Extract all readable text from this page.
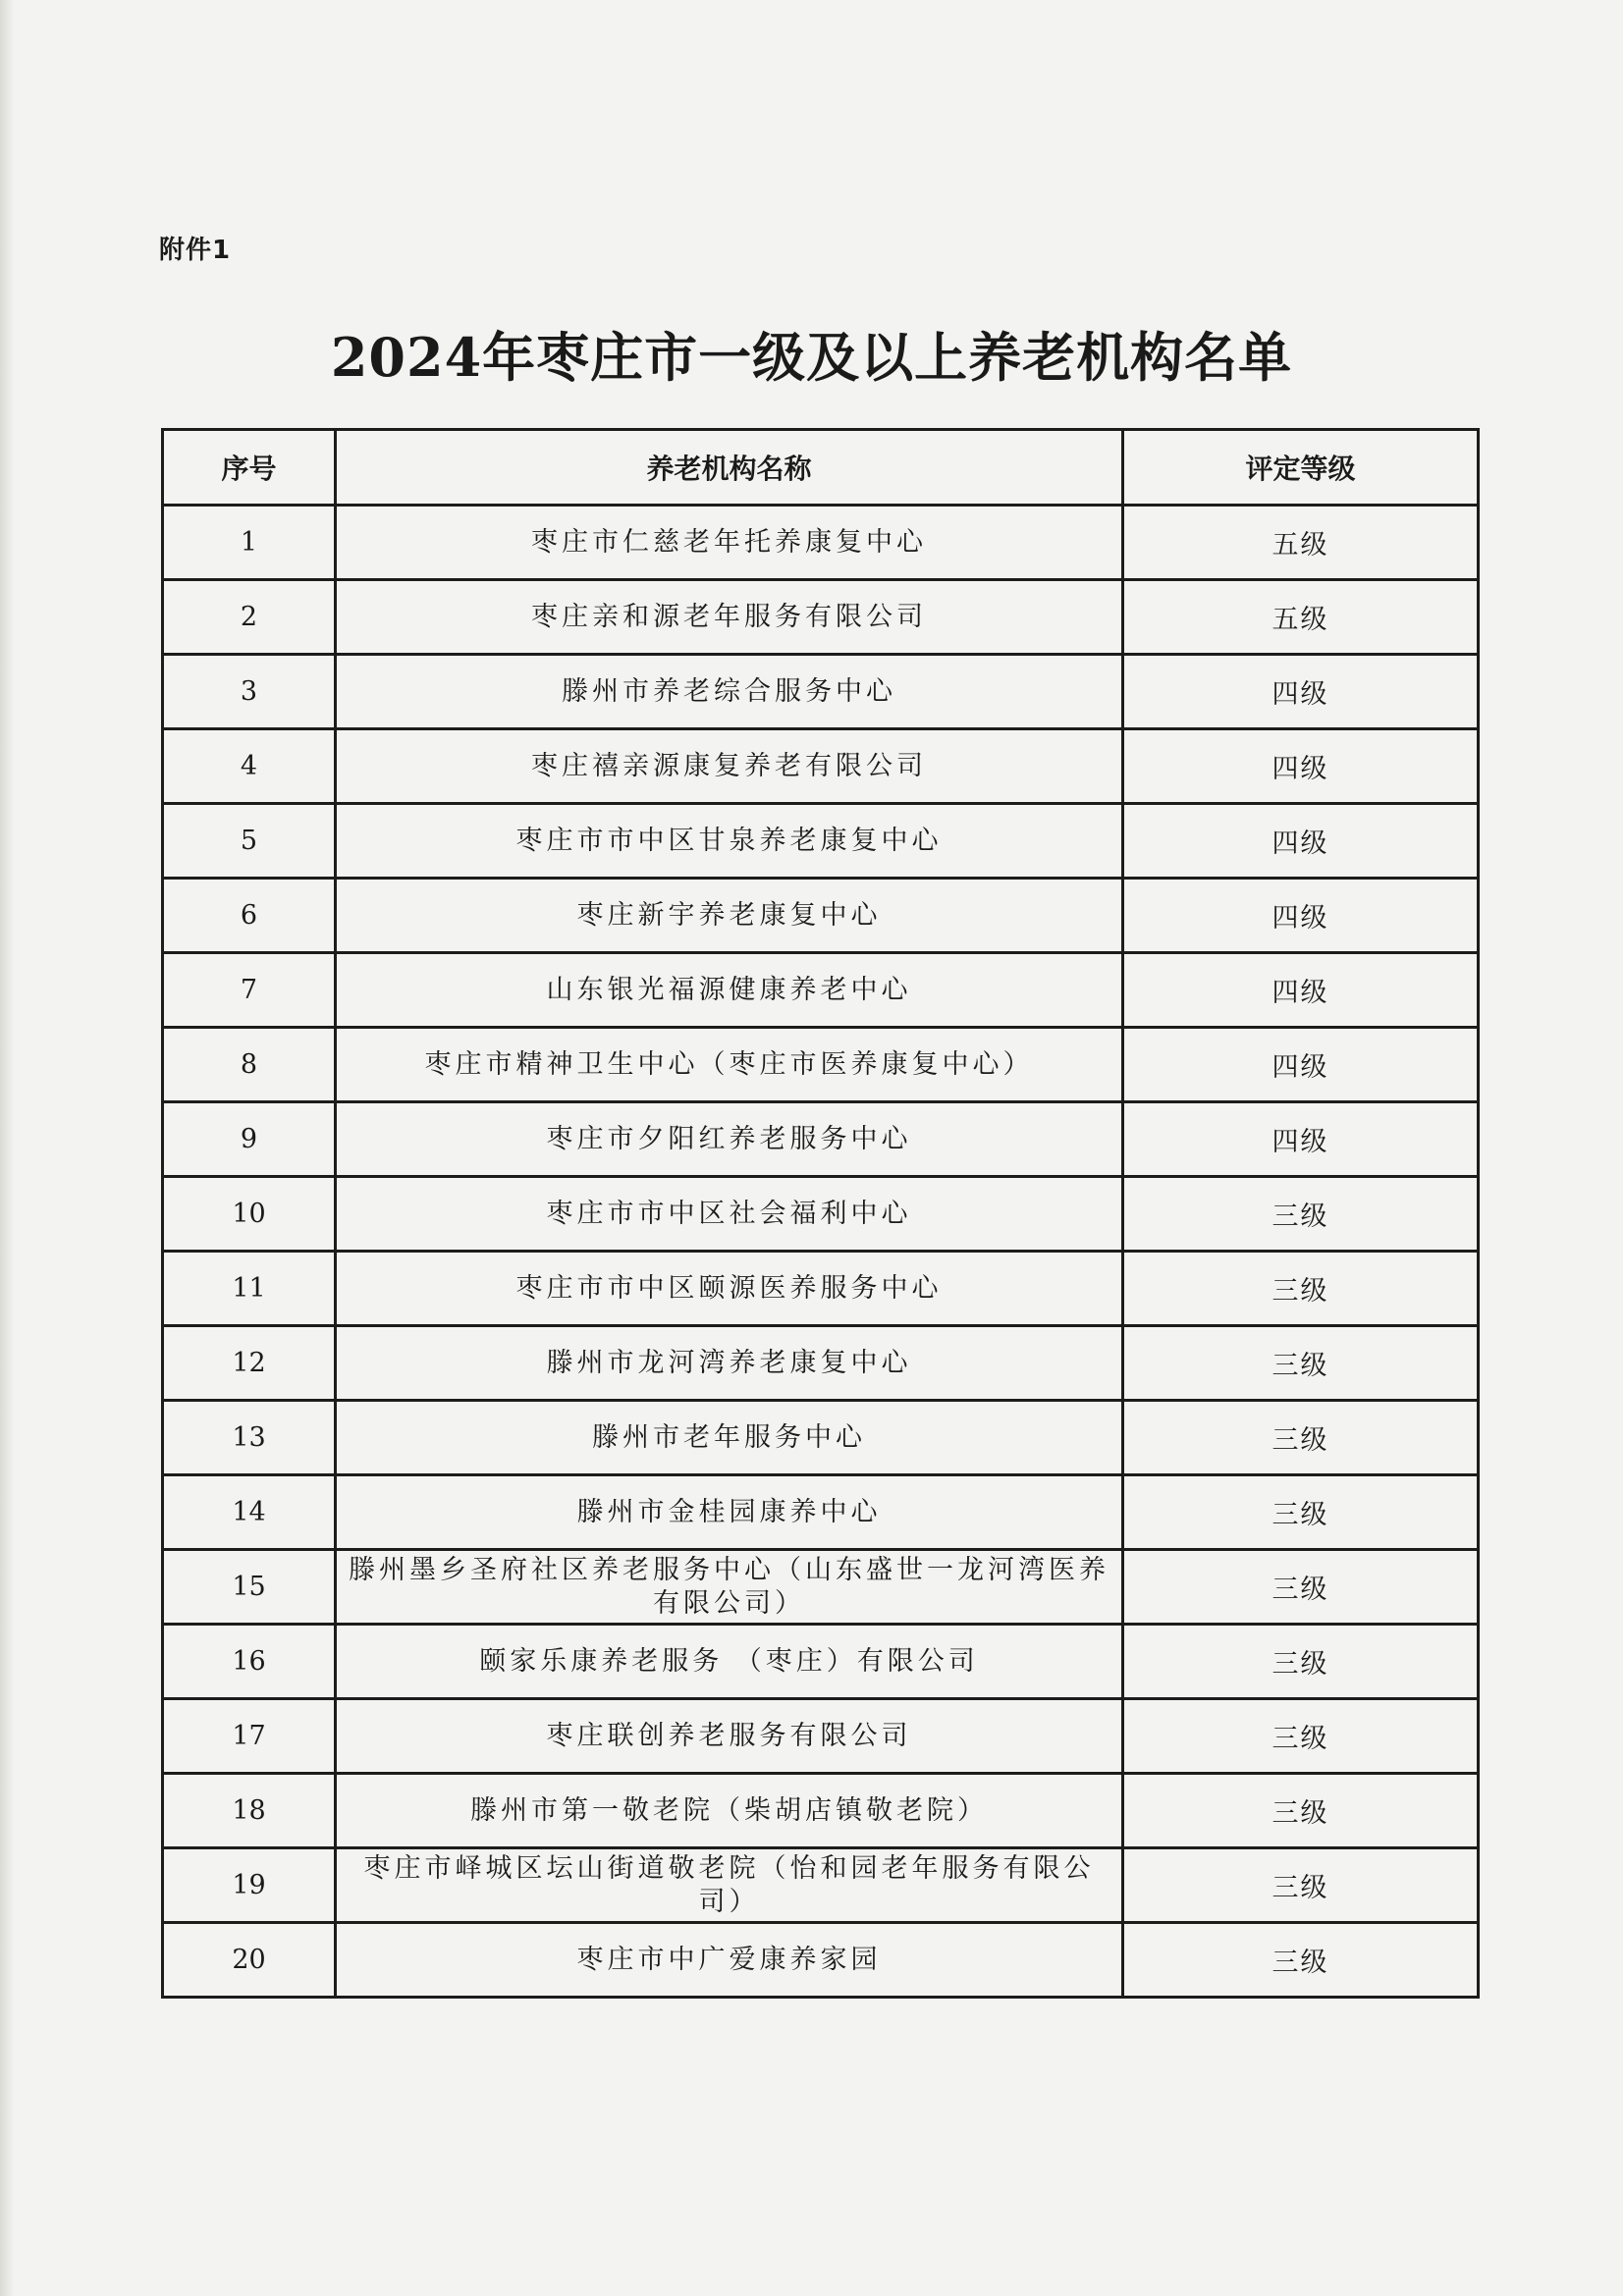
附件1
2024年枣庄市一级及以上养老机构名单
序号	养老机构名称	评定等级
1	枣庄市仁慈老年托养康复中心	五级
2	枣庄亲和源老年服务有限公司	五级
3	滕州市养老综合服务中心	四级
4	枣庄禧亲源康复养老有限公司	四级
5	枣庄市市中区甘泉养老康复中心	四级
6	枣庄新宇养老康复中心	四级
7	山东银光福源健康养老中心	四级
8	枣庄市精神卫生中心（枣庄市医养康复中心）	四级
9	枣庄市夕阳红养老服务中心	四级
10	枣庄市市中区社会福利中心	三级
11	枣庄市市中区颐源医养服务中心	三级
12	滕州市龙河湾养老康复中心	三级
13	滕州市老年服务中心	三级
14	滕州市金桂园康养中心	三级
15	滕州墨乡圣府社区养老服务中心（山东盛世一龙河湾医养有限公司）	三级
16	颐家乐康养老服务 （枣庄）有限公司	三级
17	枣庄联创养老服务有限公司	三级
18	滕州市第一敬老院（柴胡店镇敬老院）	三级
19	枣庄市峄城区坛山街道敬老院（怡和园老年服务有限公司）	三级
20	枣庄市中广爱康养家园	三级
